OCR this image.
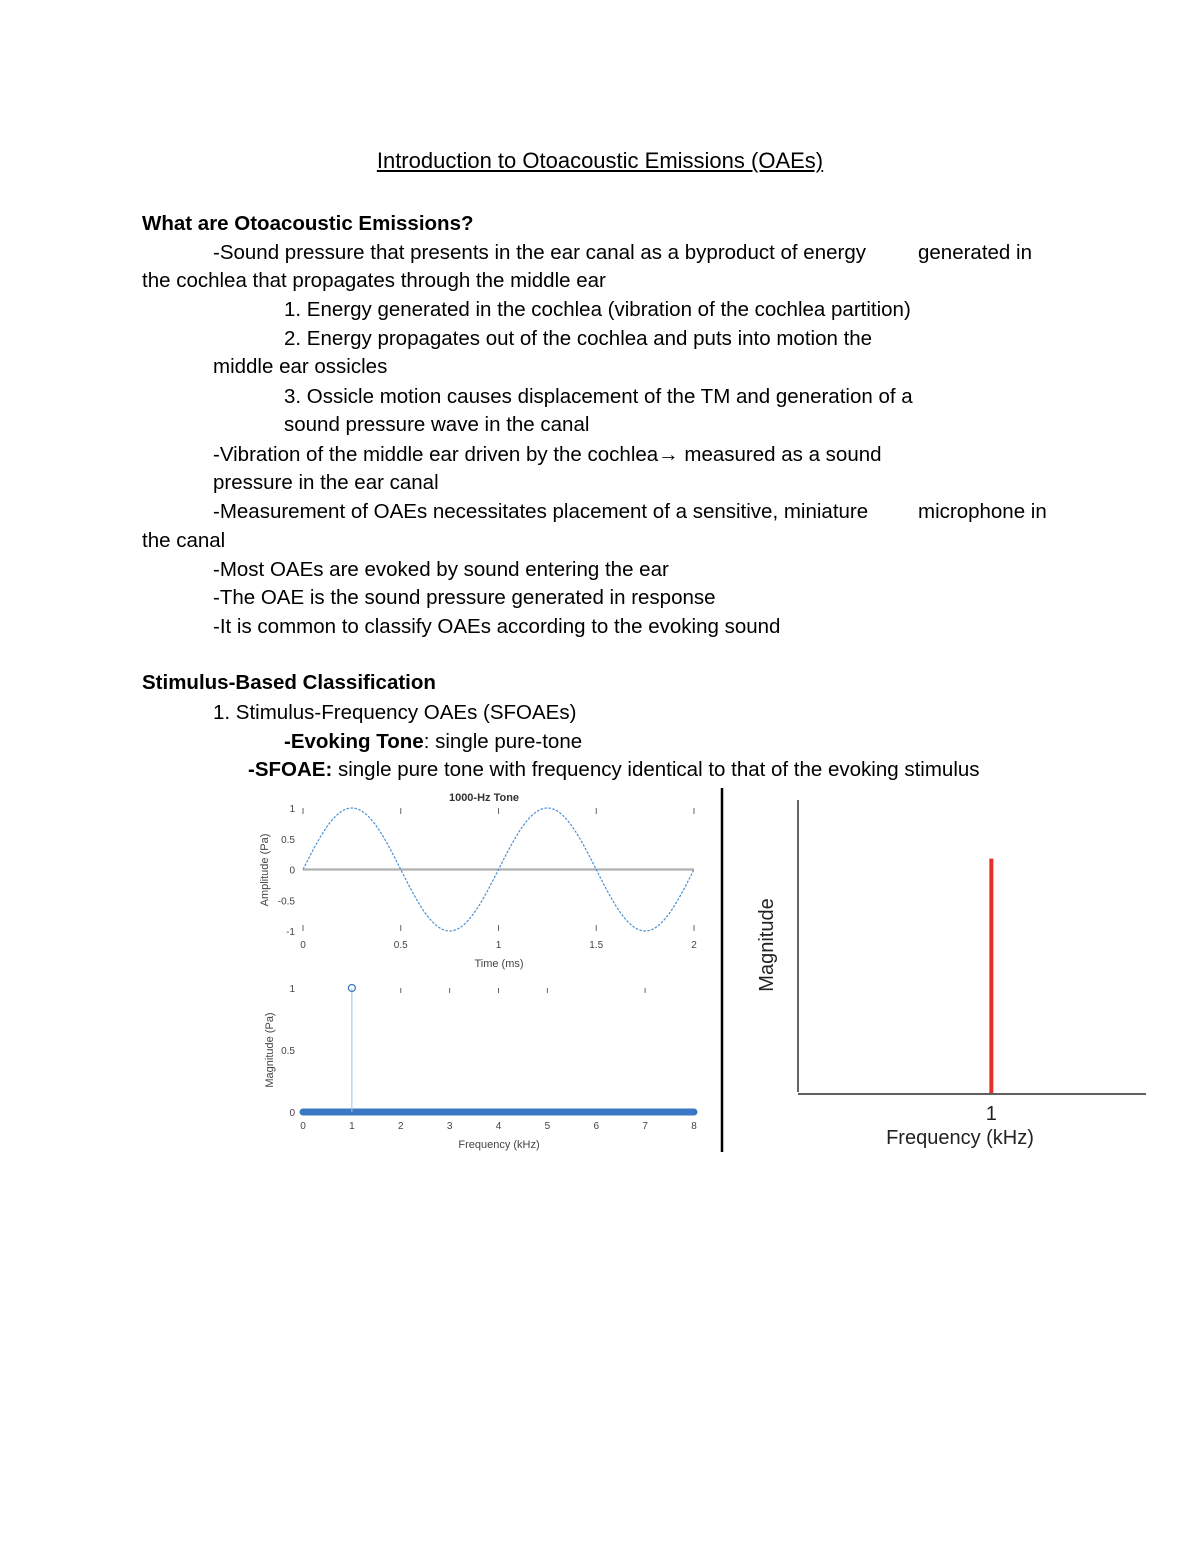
Introduction to Otoacoustic Emissions (OAEs)
What are Otoacoustic Emissions?
-Sound pressure that presents in the ear canal as a byproduct of energy	generated in
the cochlea that propagates through the middle ear
1. Energy generated in the cochlea (vibration of the cochlea partition)
2. Energy propagates out of the cochlea and puts into motion the
middle ear ossicles
3. Ossicle motion causes displacement of the TM and generation of a
sound pressure wave in the canal
-Vibration of the middle ear driven by the cochlea→ measured as a sound
pressure in the ear canal
-Measurement of OAEs necessitates placement of a sensitive, miniature microphone in
the canal
-Most OAEs are evoked by sound entering the ear
-The OAE is the sound pressure generated in response
-It is common to classify OAEs according to the evoking sound
Stimulus-Based Classification
1. Stimulus-Frequency OAEs (SFOAEs)
-Evoking Tone: single pure-tone
-SFOAE: single pure tone with frequency identical to that of the evoking stimulus
1000-Hz Tone
1
0.5
0
-0.5
-1
0	0.5	1	1.5	2
Time (ms)
Amplitude (Pa)
1
0.5
0
0	1	2	3	4	5	6	7	8
Frequency (kHz)
Magnitude (Pa)
1
Frequency (kHz)
Magnitude
